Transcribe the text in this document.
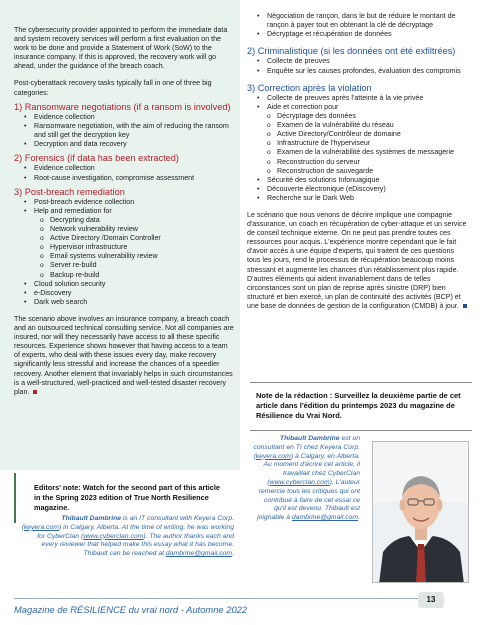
The cybersecurity provider appointed to perform the immediate data and system recovery services will perform a first evaluation on the work to be done and provide a Statement of Work (SoW) to the insurance company. If this is approved, the recovery work will go ahead, under the guidance of the breach coach.

Post-cyberattack recovery tasks typically fall in one of three big categories:

1) Ransomware negotiations (if a ransom is involved)
• Evidence collection
• Ransomware negotiation, with the aim of reducing the ransom and still get the decryption key
• Decryption and data recovery
2) Forensics (if data has been extracted)
• Evidence collection
• Root-cause investigation, compromise assessment
3) Post-breach remediation
• Post-breach evidence collection
• Help and remediation for
o Decrypting data
o Network vulnerability review
o Active Directory /Domain Controller
o Hypervisor infrastructure
o Email systems vulnerability review
o Server re-build
o Backup re-build
• Cloud solution security
• e-Discovery
• Dark web search

The scenario above involves an insurance company, a breach coach and an outsourced technical consulting service. Not all companies are insured, nor will they necessarily have access to all these specific resources. Experience shows however that having access to a team of experts, who deal with these issues every day, make recovery significantly less stressful and increase the chances of a speedier recovery. Another element that invariably helps in such circumstances is a well-structured, well-practiced and well-tested disaster recovery plan.

• Négociation de rançon, dans le but de réduire le montant de rançon à payer tout en obtenant la clé de décryptage
• Décryptage et récupération de données
2) Criminalistique (si les données ont été exfiltrées)
• Collecte de preuves
• Enquête sur les causes profondes, évaluation des compromis
3) Correction après la violation
• Collecte de preuves après l'atteinte à la vie privée
• Aide et correction pour
o Décryptage des données
o Examen de la vulnérabilité du réseau
o Active Directory/Contrôleur de domaine
o Infrastructure de l'hyperviseur
o Examen de la vulnérabilité des systèmes de messagerie
o Reconstruction du serveur
o Reconstruction de sauvegarde
• Sécurité des solutions Infonuagique
• Découverte électronique (eDiscovery)
• Recherche sur le Dark Web

Le scénario que nous venons de décrire implique une compagnie d'assurance, un coach en récupération de cyber-attaque et un service de conseil technique externe. On ne peut pas prendre toutes ces ressources pour acquis. L'expérience montre cependant que le fait d'avoir accès à une équipe d'experts, qui traitent de ces questions tous les jours, rend le processus de récupération beaucoup moins stressant et augmente les chances d'un rétablissement plus rapide. D'autres éléments qui aident invariablement dans de telles circonstances sont un plan de reprise après sinistre (DRP) bien structuré et bien exercé, un plan de continuité des activités (BCP) et une base de données de gestion de la configuration (CMDB) à jour.

Note de la rédaction : Surveillez la deuxième partie de cet article dans l'édition du printemps 2023 du magazine de Résilience du Vrai Nord.
Editors' note: Watch for the second part of this article in the Spring 2023 edition of True North Resilience magazine.
Thibault Dambrine is an IT consultant with Keyera Corp. (keyera.com) in Calgary, Alberta. At the time of writing, he was working for CyberClan (www.cyberclan.com). The author thanks each and every reviewer that helped make this essay what it has become. Thibault can be reached at dambrine@gmail.com.
Thibault Dambrine est un consultant en TI chez Keyera Corp. (keyera.com) à Calgary, en Alberta. Au moment d'écrire cet article, il travaillait chez CyberClan (www.cyberclan.com). L'auteur remercie tous les critiques qui ont contribué à faire de cet essai ce qu'il est devenu. Thibault est joignable à dambrine@gmail.com.
Magazine de RÉSILIENCE du vrai nord - Automne 2022
13
